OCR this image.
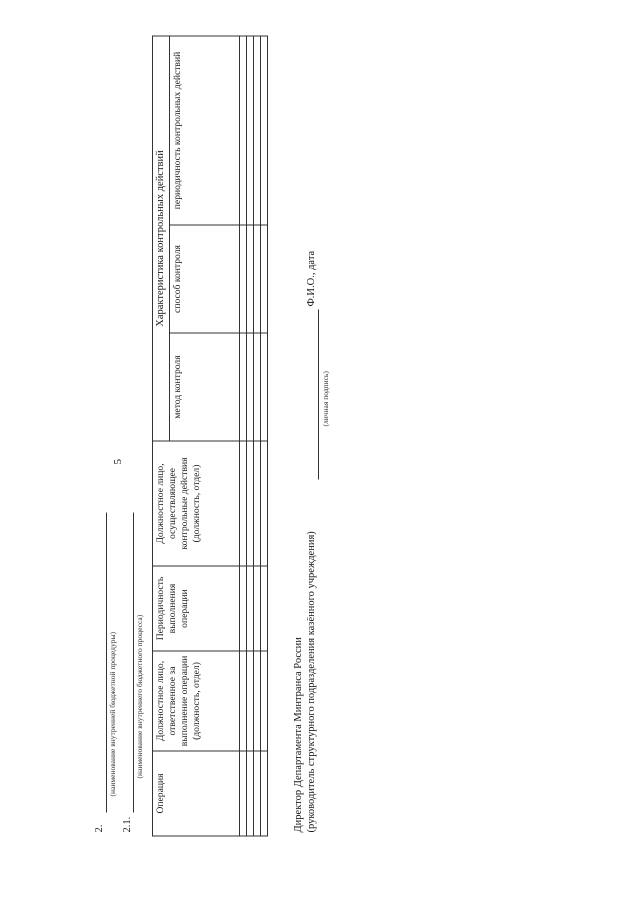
5
2.
(наименование внутренней бюджетной процедуры)
2.1.
(наименование внутреннего бюджетного процесса)
Операция	Должностное лицо, ответственное за выполнение операции (должность, отдел)	Периодичность выполнения операции	Должностное лицо, осуществляющее контрольные действия (должность, отдел)	Характеристика контрольных действий		
				метод контроля	способ контроля	периодичность контрольных действий

Директор Департамента Минтранса России (руководитель структурного подразделения казённого учреждения)
(личная подпись)
Ф.И.О., дата
